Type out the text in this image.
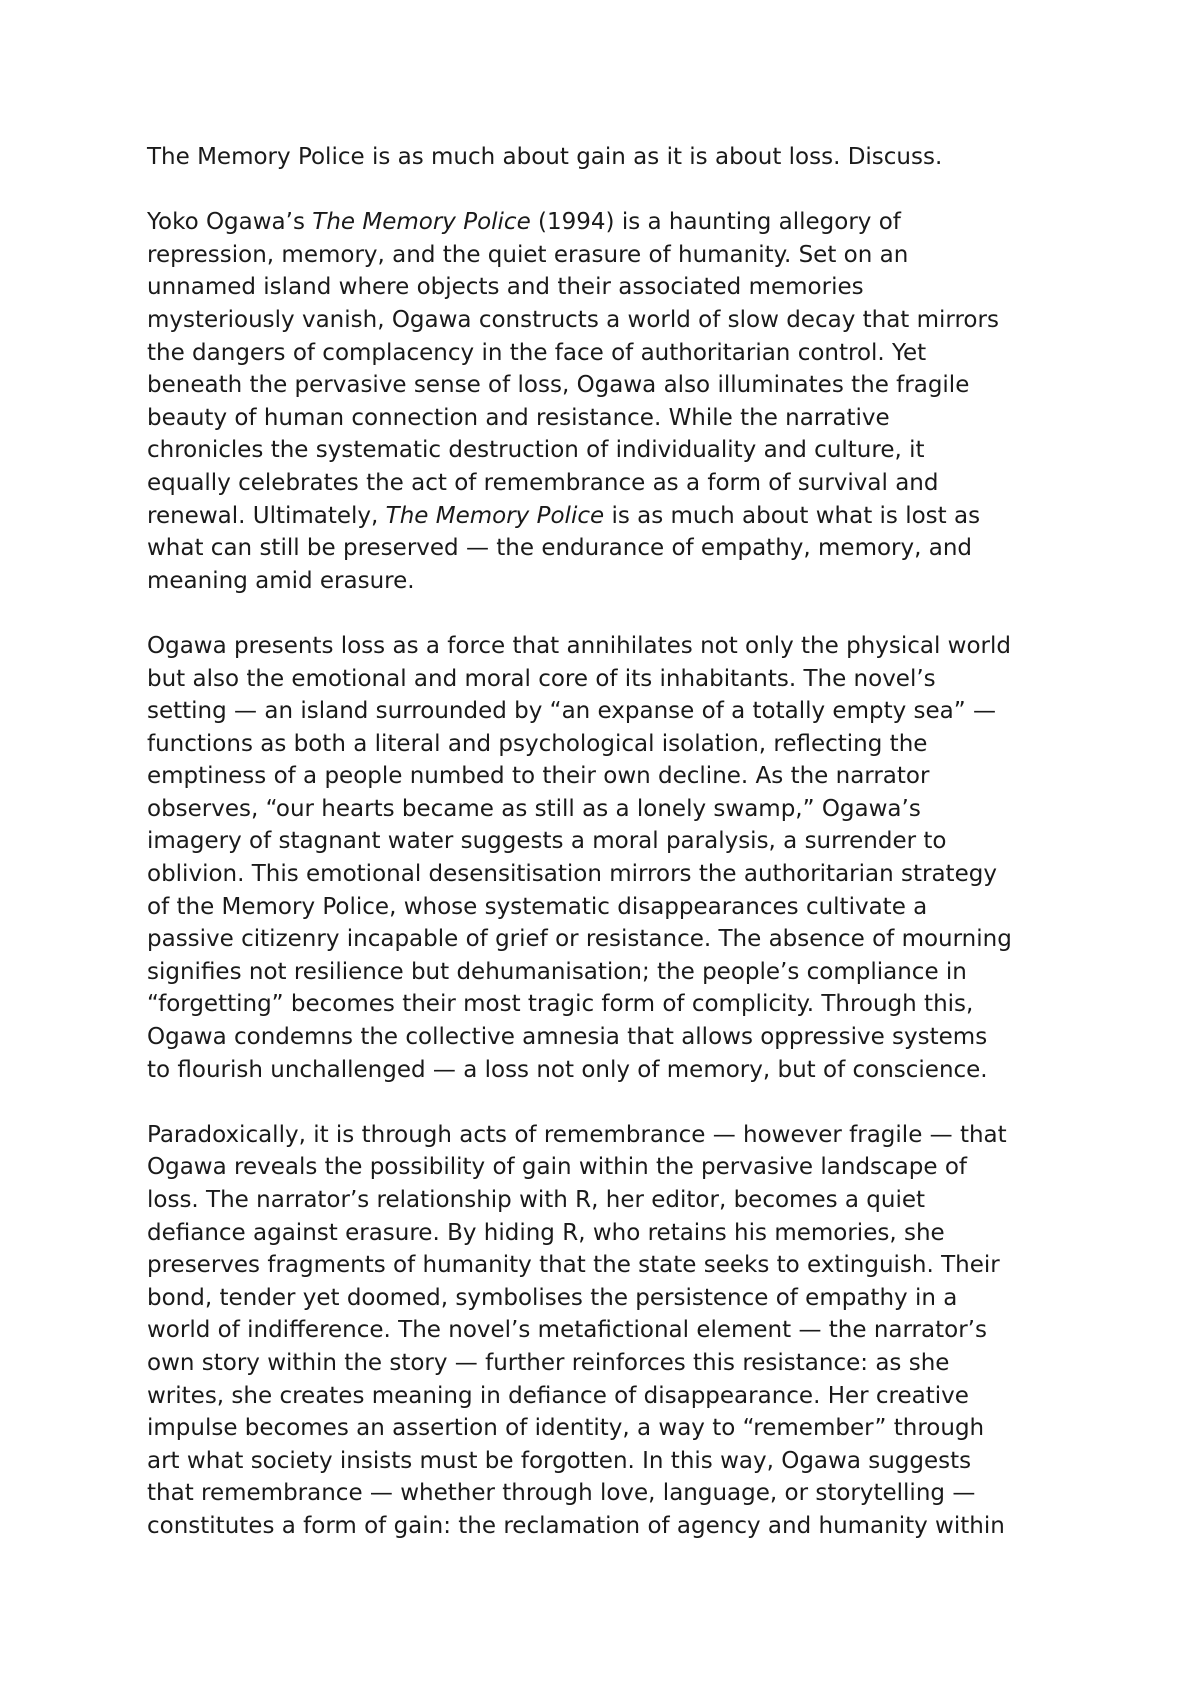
The Memory Police is as much about gain as it is about loss. Discuss.

Yoko Ogawa’s The Memory Police (1994) is a haunting allegory of
repression, memory, and the quiet erasure of humanity. Set on an
unnamed island where objects and their associated memories
mysteriously vanish, Ogawa constructs a world of slow decay that mirrors
the dangers of complacency in the face of authoritarian control. Yet
beneath the pervasive sense of loss, Ogawa also illuminates the fragile
beauty of human connection and resistance. While the narrative
chronicles the systematic destruction of individuality and culture, it
equally celebrates the act of remembrance as a form of survival and
renewal. Ultimately, The Memory Police is as much about what is lost as
what can still be preserved — the endurance of empathy, memory, and
meaning amid erasure.

Ogawa presents loss as a force that annihilates not only the physical world
but also the emotional and moral core of its inhabitants. The novel’s
setting — an island surrounded by “an expanse of a totally empty sea” —
functions as both a literal and psychological isolation, reflecting the
emptiness of a people numbed to their own decline. As the narrator
observes, “our hearts became as still as a lonely swamp,” Ogawa’s
imagery of stagnant water suggests a moral paralysis, a surrender to
oblivion. This emotional desensitisation mirrors the authoritarian strategy
of the Memory Police, whose systematic disappearances cultivate a
passive citizenry incapable of grief or resistance. The absence of mourning
signifies not resilience but dehumanisation; the people’s compliance in
“forgetting” becomes their most tragic form of complicity. Through this,
Ogawa condemns the collective amnesia that allows oppressive systems
to flourish unchallenged — a loss not only of memory, but of conscience.

Paradoxically, it is through acts of remembrance — however fragile — that
Ogawa reveals the possibility of gain within the pervasive landscape of
loss. The narrator’s relationship with R, her editor, becomes a quiet
defiance against erasure. By hiding R, who retains his memories, she
preserves fragments of humanity that the state seeks to extinguish. Their
bond, tender yet doomed, symbolises the persistence of empathy in a
world of indifference. The novel’s metafictional element — the narrator’s
own story within the story — further reinforces this resistance: as she
writes, she creates meaning in defiance of disappearance. Her creative
impulse becomes an assertion of identity, a way to “remember” through
art what society insists must be forgotten. In this way, Ogawa suggests
that remembrance — whether through love, language, or storytelling —
constitutes a form of gain: the reclamation of agency and humanity within
